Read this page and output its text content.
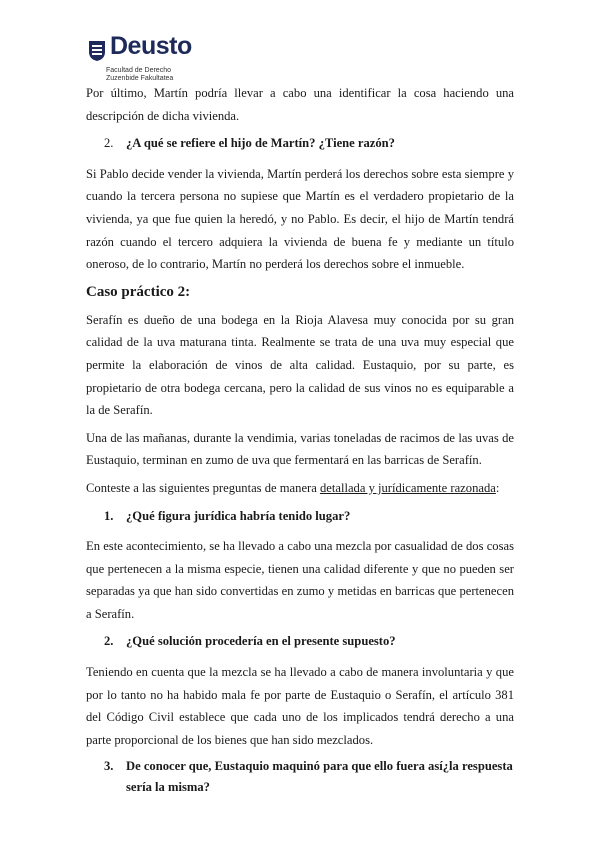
Deusto
Facultad de Derecho
Zuzenbide Fakultatea

Por último, Martín podría llevar a cabo una identificar la cosa haciendo una descripción de dicha vivienda.

2. ¿A qué se refiere el hijo de Martín? ¿Tiene razón?

Si Pablo decide vender la vivienda, Martín perderá los derechos sobre esta siempre y cuando la tercera persona no supiese que Martín es el verdadero propietario de la vivienda, ya que fue quien la heredó, y no Pablo. Es decir, el hijo de Martín tendrá razón cuando el tercero adquiera la vivienda de buena fe y mediante un título oneroso, de lo contrario, Martín no perderá los derechos sobre el inmueble.

Caso práctico 2:

Serafín es dueño de una bodega en la Rioja Alavesa muy conocida por su gran calidad de la uva maturana tinta. Realmente se trata de una uva muy especial que permite la elaboración de vinos de alta calidad. Eustaquio, por su parte, es propietario de otra bodega cercana, pero la calidad de sus vinos no es equiparable a la de Serafín.

Una de las mañanas, durante la vendimia, varias toneladas de racimos de las uvas de Eustaquio, terminan en zumo de uva que fermentará en las barricas de Serafín.

Conteste a las siguientes preguntas de manera detallada y jurídicamente razonada:

1. ¿Qué figura jurídica habría tenido lugar?

En este acontecimiento, se ha llevado a cabo una mezcla por casualidad de dos cosas que pertenecen a la misma especie, tienen una calidad diferente y que no pueden ser separadas ya que han sido convertidas en zumo y metidas en barricas que pertenecen a Serafín.

2. ¿Qué solución procedería en el presente supuesto?

Teniendo en cuenta que la mezcla se ha llevado a cabo de manera involuntaria y que por lo tanto no ha habido mala fe por parte de Eustaquio o Serafín, el artículo 381 del Código Civil establece que cada uno de los implicados tendrá derecho a una parte proporcional de los bienes que han sido mezclados.

3. De conocer que, Eustaquio maquinó para que ello fuera así¿la respuesta sería la misma?
